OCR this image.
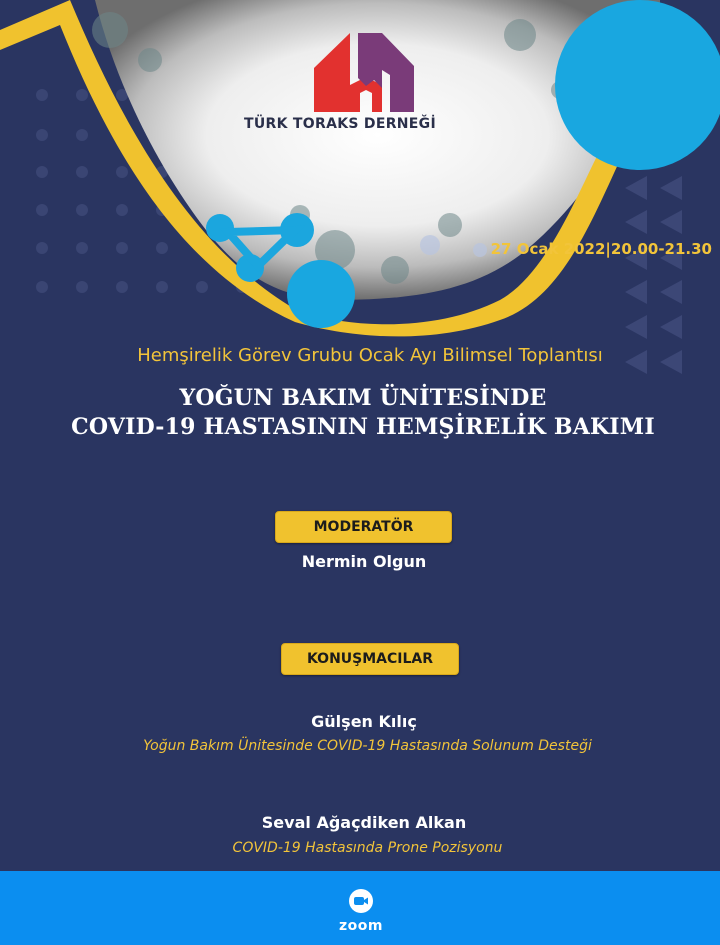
TÜRK TORAKS DERNEĞİ
27 Ocak 2022|20.00-21.30
Hemşirelik Görev Grubu Ocak Ayı Bilimsel Toplantısı
YOĞUN BAKIM ÜNİTESİNDE
COVID-19 HASTASININ HEMŞİRELİK BAKIMI
MODERATÖR
Nermin Olgun
KONUŞMACILAR
Gülşen Kılıç
Yoğun Bakım Ünitesinde COVID-19 Hastasında Solunum Desteği
Seval Ağaçdiken Alkan
COVID-19 Hastasında Prone Pozisyonu
zoom
